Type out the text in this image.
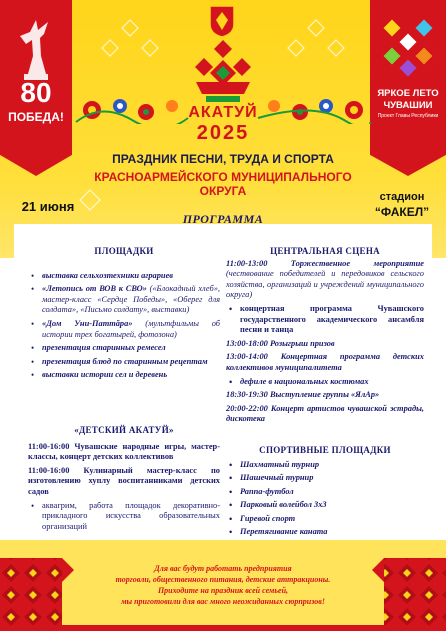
80
ПОБЕДА!
ЯРКОЕ ЛЕТО
ЧУВАШИИ
Проект Главы Республики
АКАТУЙ
2025
ПРАЗДНИК ПЕСНИ, ТРУДА И СПОРТА
КРАСНОАРМЕЙСКОГО МУНИЦИПАЛЬНОГО ОКРУГА
21 июня
стадион
“ФАКЕЛ”
ПРОГРАММА
ПЛОЩАДКИ
• выставка сельхозтехники аграриев
• «Летопись от ВОВ к СВО» («Блокадный хлеб», мастер-класс «Сердце Победы», «Оберег для солдата», «Письмо солдату», выставки)
• «Дом Уни-Паттăра» (мультфильмы об истории трех богатырей, фотозона)
• презентация старинных ремесел
• презентация блюд по старинным рецептам
• выставки истории сел и деревень
«ДЕТСКИЙ АКАТУЙ»
11:00-16:00 Чувашские народные игры, мастер-классы, концерт детских коллективов
11:00-16:00 Кулинарный мастер-класс по изготовлению хуплу воспитанниками детских садов
• аквагрим, работа площадок декоративно-прикладного искусства образовательных организаций
ЦЕНТРАЛЬНАЯ СЦЕНА
11:00-13:00 Торжественное мероприятие (чествование победителей и передовиков сельского хозяйства, организаций и учреждений муниципального округа)
• концертная программа Чувашского государственного академического ансамбля песни и танца
13:00-18:00 Розыгрыш призов
13:00-14:00 Концертная программа детских коллективов муниципалитета
• дефиле в национальных костюмах
18:30-19:30 Выступление группы «ЯлАр»
20:00-22:00 Концерт артистов чувашской эстрады, дискотека
СПОРТИВНЫЕ ПЛОЩАДКИ
• Шахматный турнир
• Шашечный турнир
• Раппа-футбол
• Парковый волейбол 3х3
• Гиревой спорт
• Перетягивание каната
•
•
Для вас будут работать предприятия
торговли, общественного питания, детские аттракционы.
Приходите на праздник всей семьей,
мы приготовили для вас много неожиданных сюрпризов!
